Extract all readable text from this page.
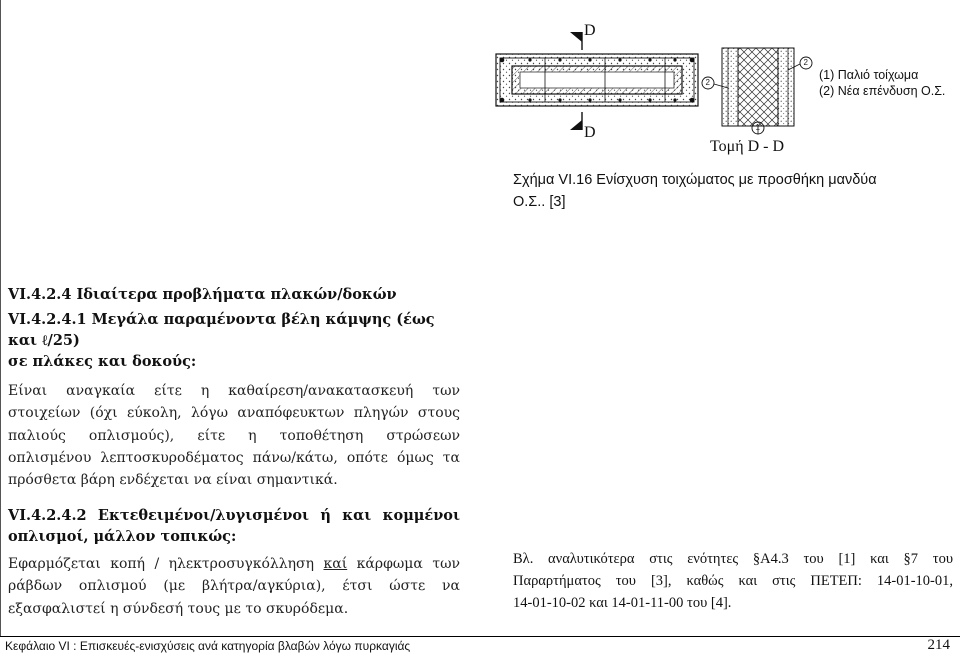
D
D
2
2
1
Τομή D - D
(1) Παλιό τοίχωμα
(2) Νέα επένδυση Ο.Σ.
Σχήμα VI.16 Ενίσχυση τοιχώματος με προσθήκη μανδύα
Ο.Σ.. [3]
VI.4.2.4 Ιδιαίτερα προβλήματα πλακών/δοκών
VI.4.2.4.1 Μεγάλα παραμένοντα βέλη κάμψης (έως και ℓ/25)
σε πλάκες και δοκούς:
Είναι αναγκαία είτε η καθαίρεση/ανακατασκευή των
στοιχείων (όχι εύκολη, λόγω αναπόφευκτων πληγών στους
παλιούς οπλισμούς), είτε η τοποθέτηση στρώσεων
οπλισμένου λεπτοσκυροδέματος πάνω/κάτω, οπότε όμως τα
πρόσθετα βάρη ενδέχεται να είναι σημαντικά.
VI.4.2.4.2 Εκτεθειμένοι/λυγισμένοι ή και κομμένοι
οπλισμοί, μάλλον τοπικώς:
Εφαρμόζεται κοπή / ηλεκτροσυγκόλληση καί κάρφωμα των
ράβδων οπλισμού (με βλήτρα/αγκύρια), έτσι ώστε να
εξασφαλιστεί η σύνδεσή τους με το σκυρόδεμα.
Βλ. αναλυτικότερα στις ενότητες §Α4.3 του [1] και §7 του
Παραρτήματος του [3], καθώς και στις ΠΕΤΕΠ: 14-01-10-01,
14-01-10-02 και 14-01-11-00 του [4].
Κεφάλαιο VI : Επισκευές-ενισχύσεις ανά κατηγορία βλαβών λόγω πυρκαγιάς	214
